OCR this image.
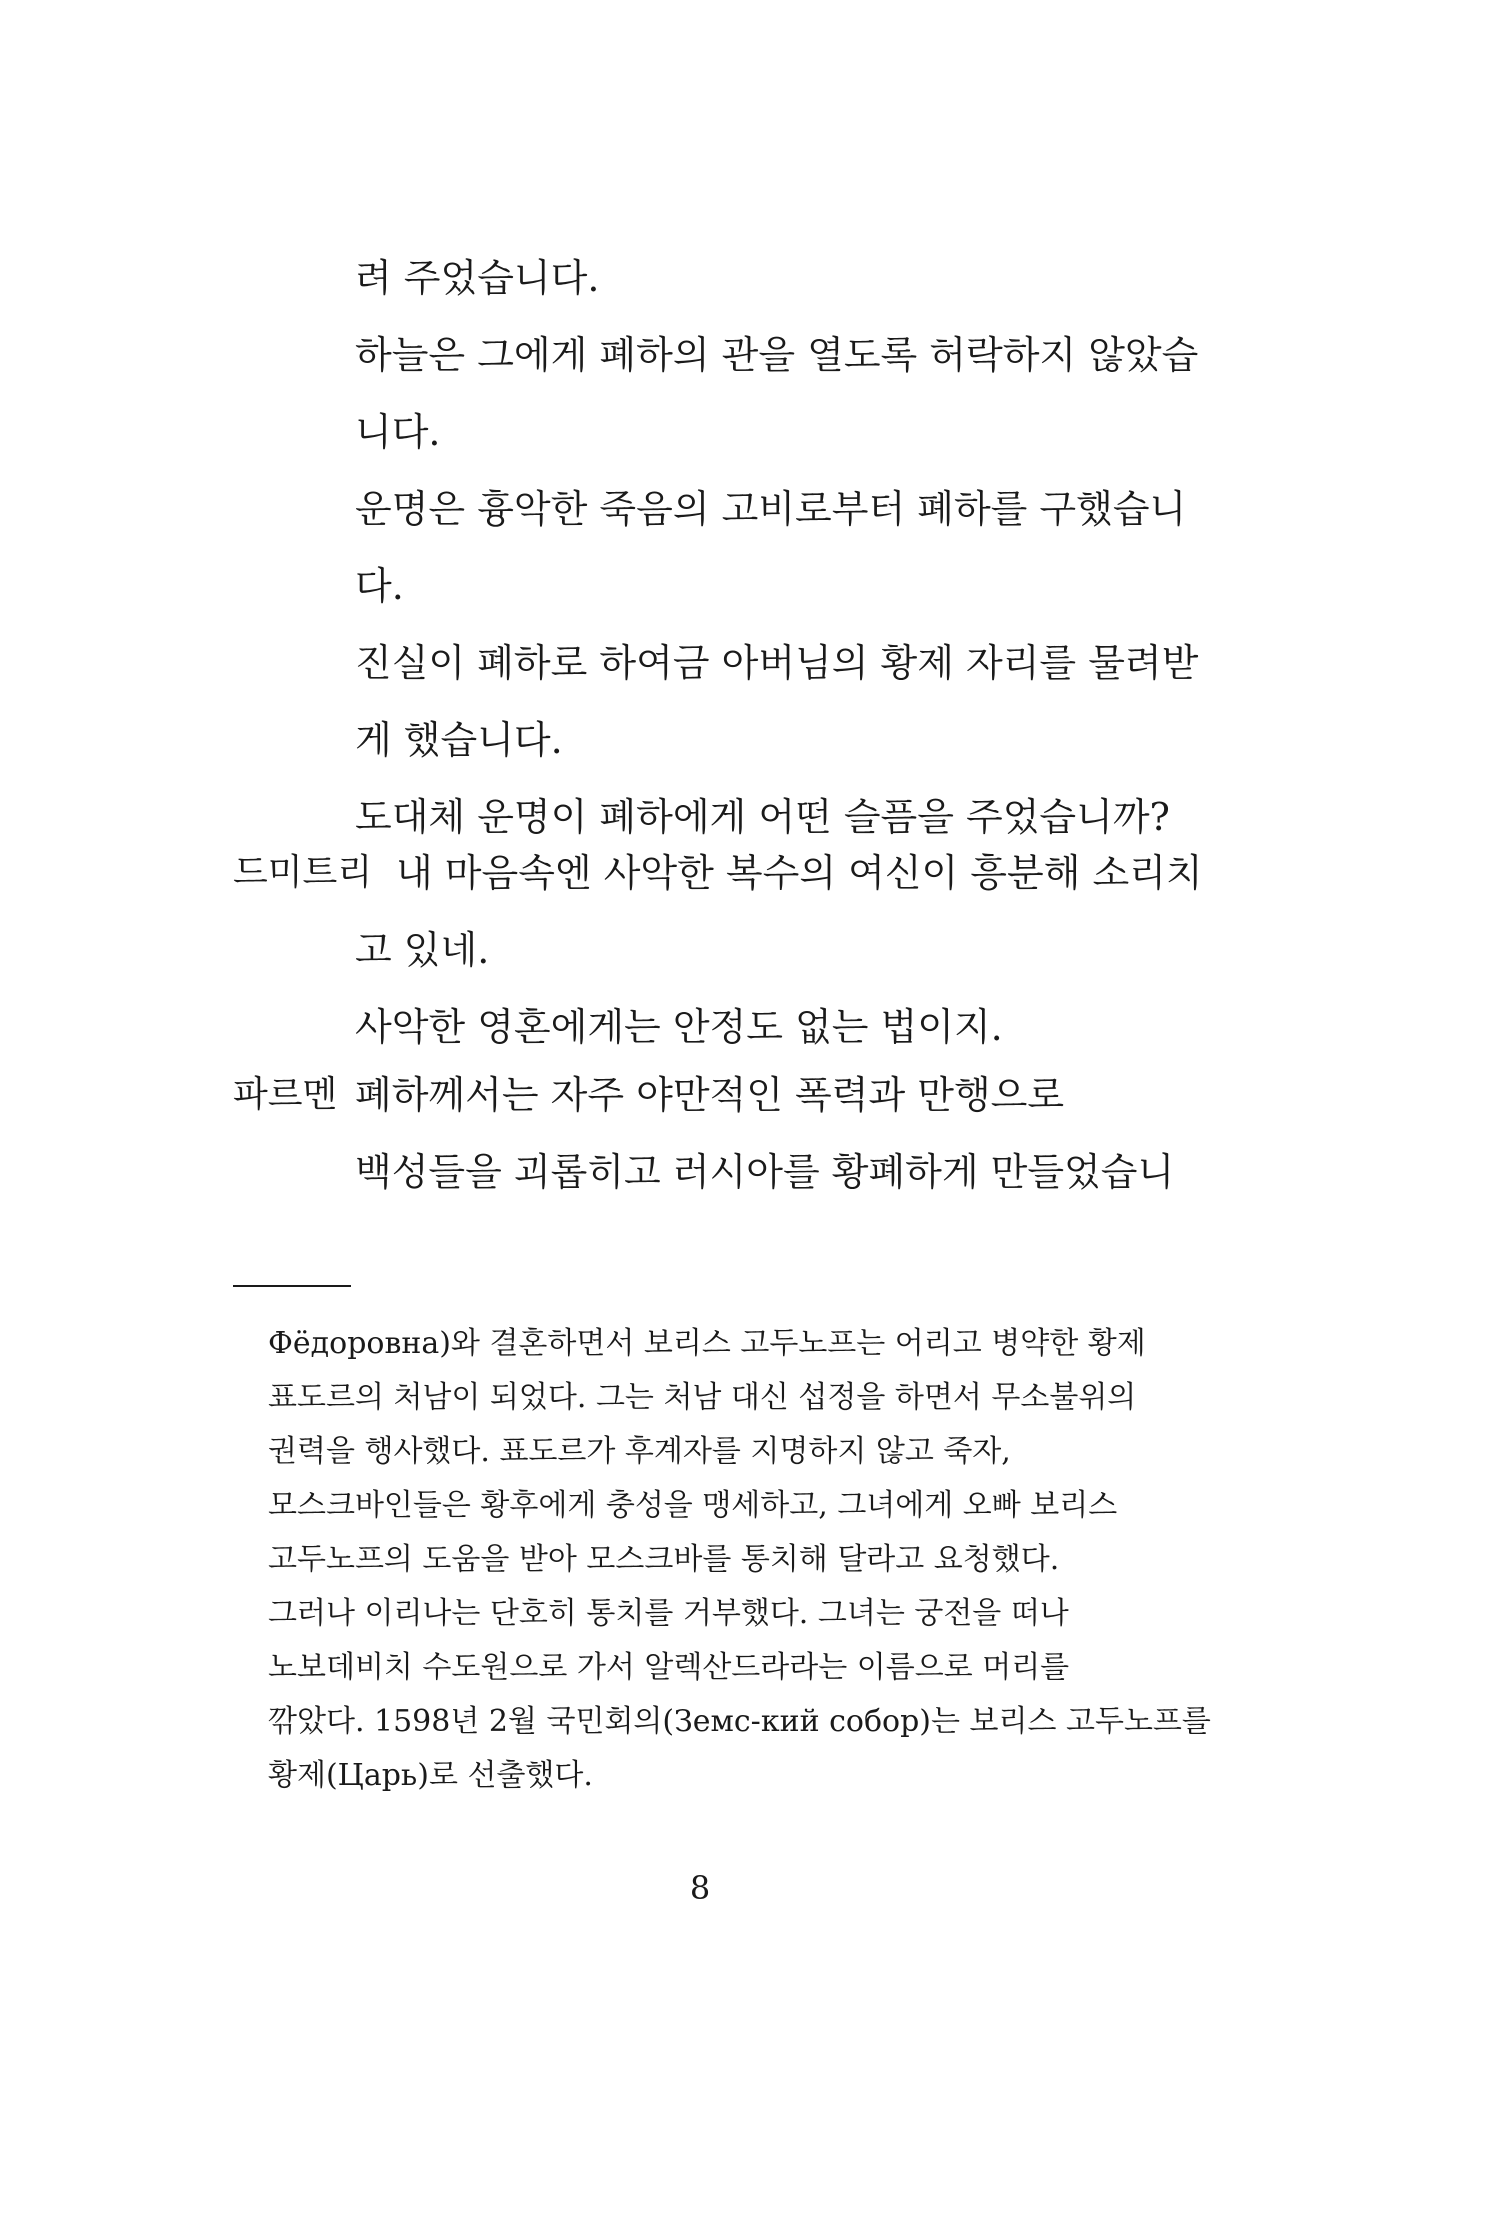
려 주었습니다.
하늘은 그에게 폐하의 관을 열도록 허락하지 않았습
니다.
운명은 흉악한 죽음의 고비로부터 폐하를 구했습니
다.
진실이 폐하로 하여금 아버님의 황제 자리를 물려받
게 했습니다.
도대체 운명이 폐하에게 어떤 슬픔을 주었습니까?
드미트리 내 마음속엔 사악한 복수의 여신이 흥분해 소리치
고 있네.
사악한 영혼에게는 안정도 없는 법이지.
파르멘 폐하께서는 자주 야만적인 폭력과 만행으로
백성들을 괴롭히고 러시아를 황폐하게 만들었습니
Фёдоровна)와 결혼하면서 보리스 고두노프는 어리고 병약한 황제
표도르의 처남이 되었다. 그는 처남 대신 섭정을 하면서 무소불위의
권력을 행사했다. 표도르가 후계자를 지명하지 않고 죽자,
모스크바인들은 황후에게 충성을 맹세하고, 그녀에게 오빠 보리스
고두노프의 도움을 받아 모스크바를 통치해 달라고 요청했다.
그러나 이리나는 단호히 통치를 거부했다. 그녀는 궁전을 떠나
노보데비치 수도원으로 가서 알렉산드라라는 이름으로 머리를
깎았다. 1598년 2월 국민회의(Земс-кий собор)는 보리스 고두노프를
황제(Царь)로 선출했다.
8
